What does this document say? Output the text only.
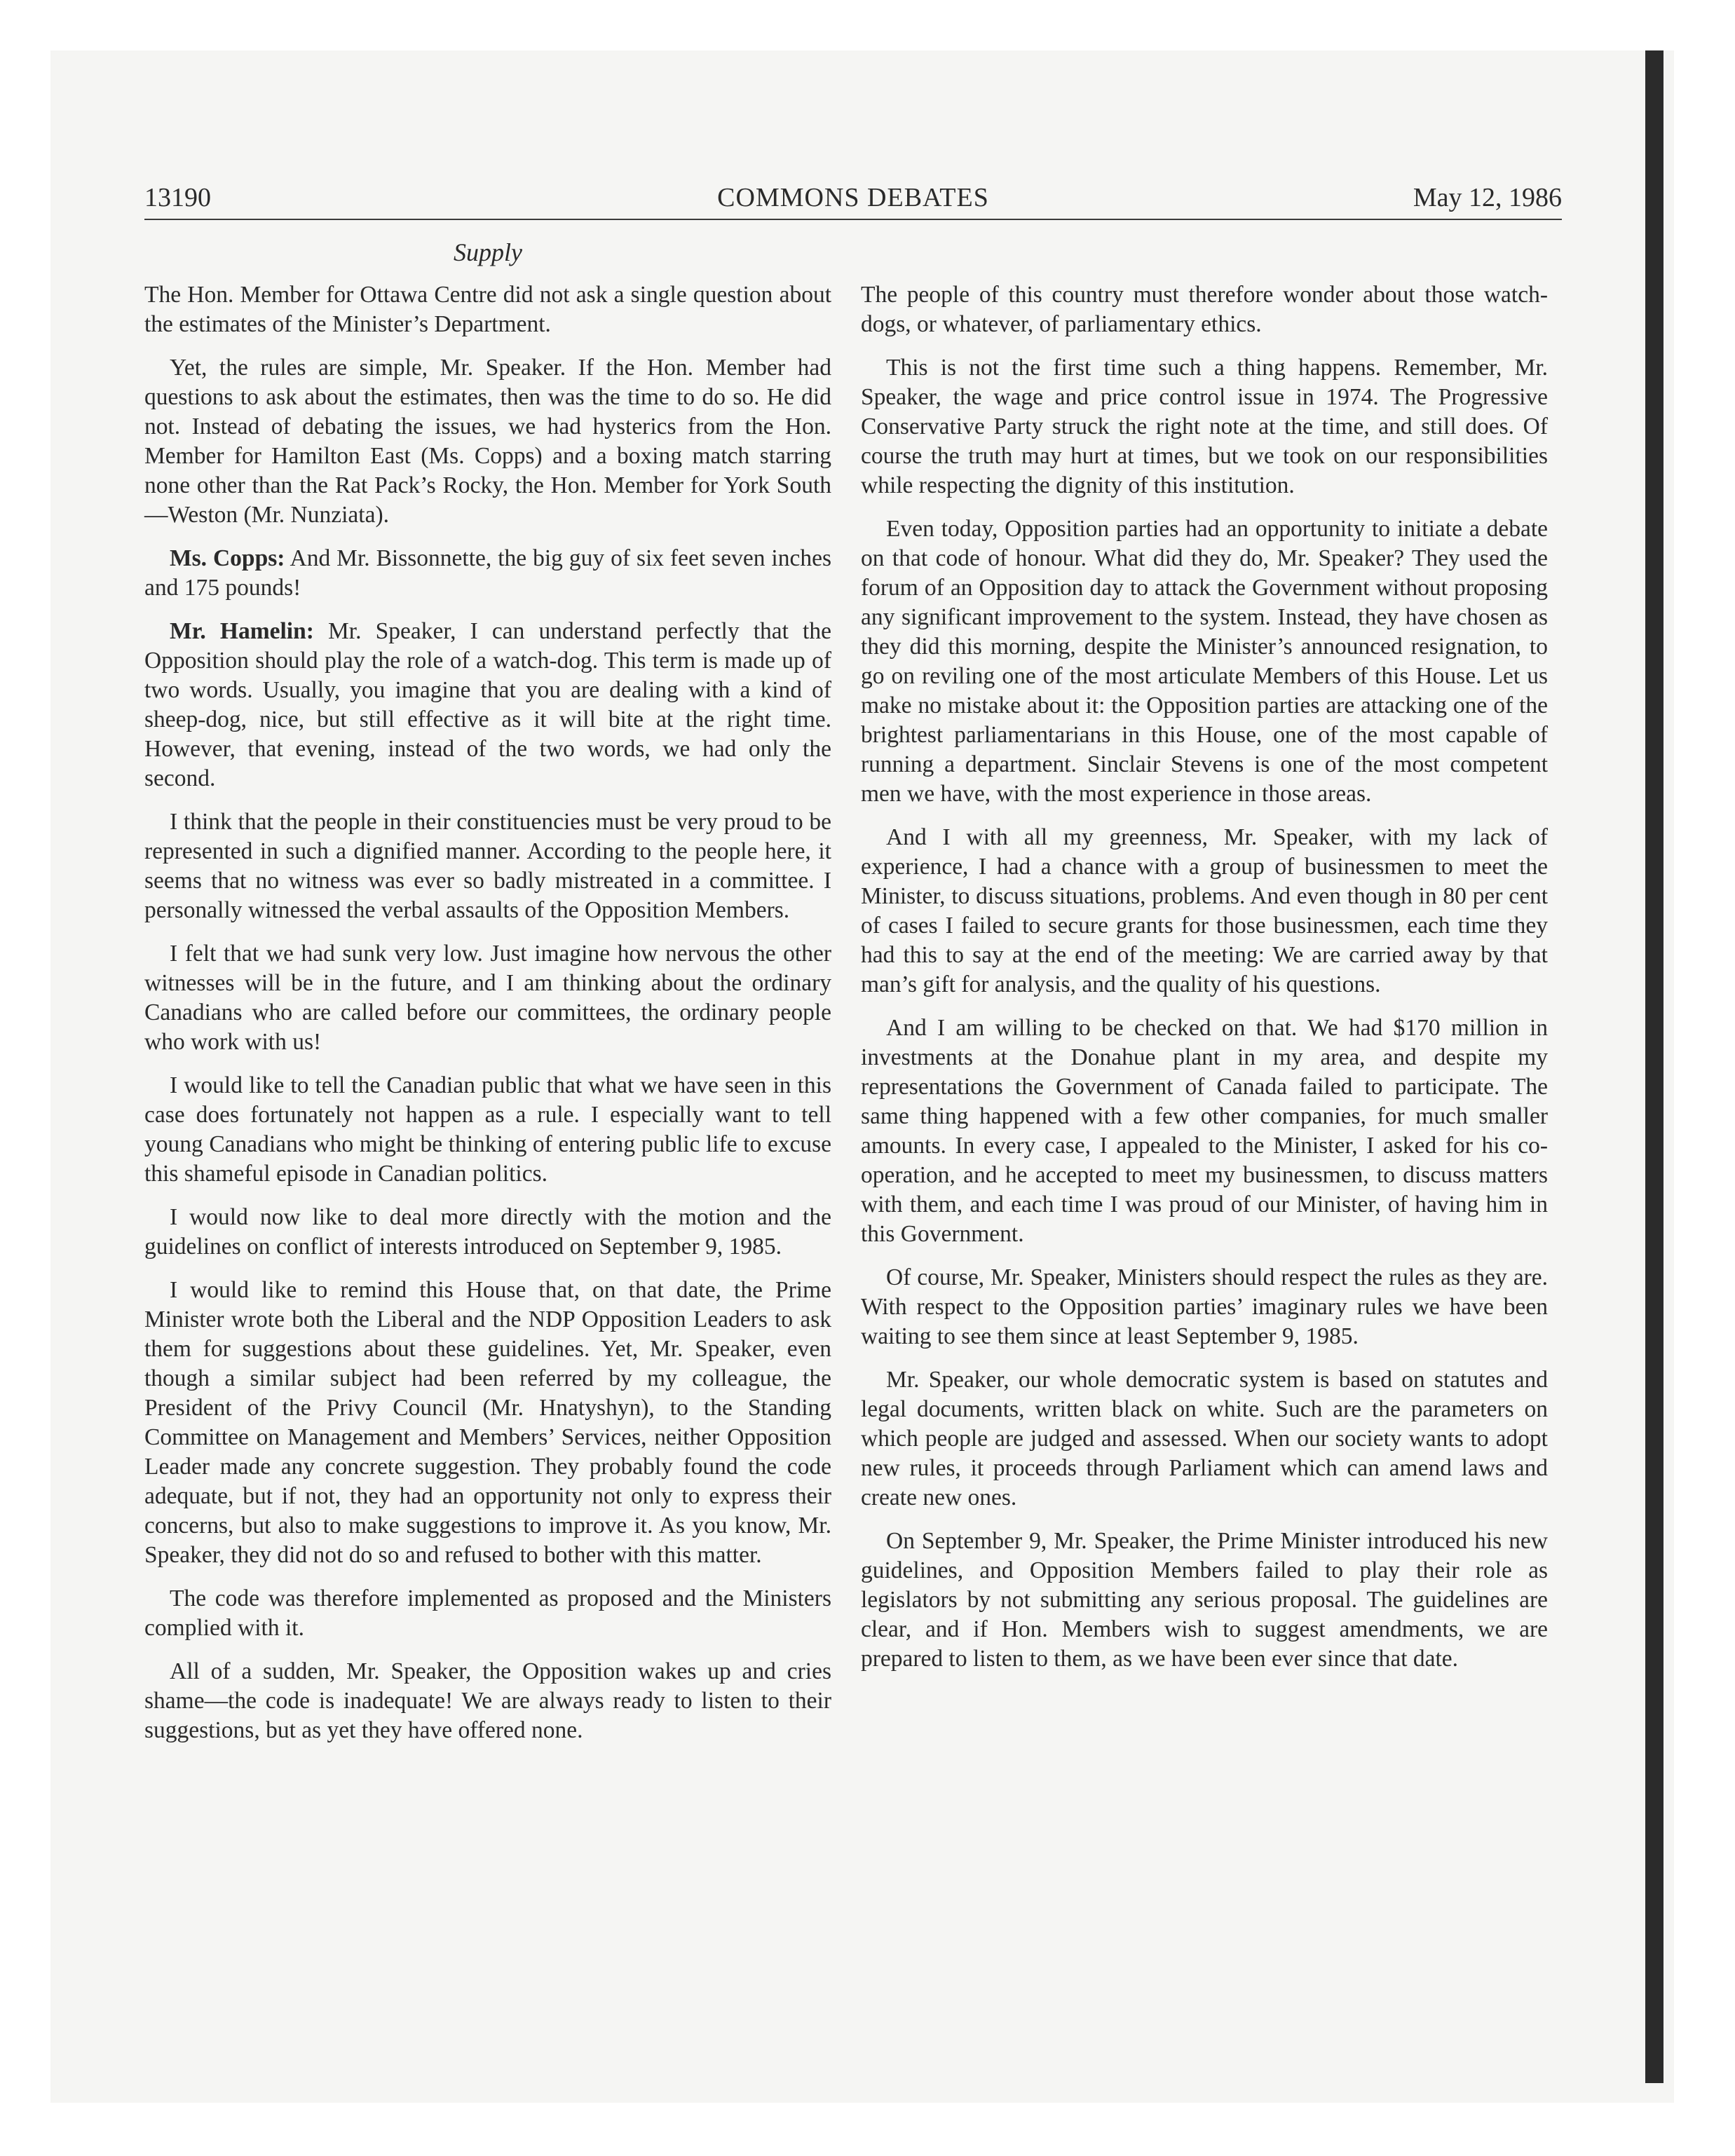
13190	COMMONS DEBATES	May 12, 1986
Supply

The Hon. Member for Ottawa Centre did not ask a single question about the estimates of the Minister’s Department.

Yet, the rules are simple, Mr. Speaker. If the Hon. Member had questions to ask about the estimates, then was the time to do so. He did not. Instead of debating the issues, we had hysterics from the Hon. Member for Hamilton East (Ms. Copps) and a boxing match starring none other than the Rat Pack’s Rocky, the Hon. Member for York South—Weston (Mr. Nunziata).

Ms. Copps: And Mr. Bissonnette, the big guy of six feet seven inches and 175 pounds!

Mr. Hamelin: Mr. Speaker, I can understand perfectly that the Opposition should play the role of a watch-dog. This term is made up of two words. Usually, you imagine that you are dealing with a kind of sheep-dog, nice, but still effective as it will bite at the right time. However, that evening, instead of the two words, we had only the second.

I think that the people in their constituencies must be very proud to be represented in such a dignified manner. According to the people here, it seems that no witness was ever so badly mistreated in a committee. I personally witnessed the verbal assaults of the Opposition Members.

I felt that we had sunk very low. Just imagine how nervous the other witnesses will be in the future, and I am thinking about the ordinary Canadians who are called before our committees, the ordinary people who work with us!

I would like to tell the Canadian public that what we have seen in this case does fortunately not happen as a rule. I especially want to tell young Canadians who might be thinking of entering public life to excuse this shameful episode in Canadian politics.

I would now like to deal more directly with the motion and the guidelines on conflict of interests introduced on September 9, 1985.

I would like to remind this House that, on that date, the Prime Minister wrote both the Liberal and the NDP Opposition Leaders to ask them for suggestions about these guidelines. Yet, Mr. Speaker, even though a similar subject had been referred by my colleague, the President of the Privy Council (Mr. Hnatyshyn), to the Standing Committee on Management and Members’ Services, neither Opposition Leader made any concrete suggestion. They probably found the code adequate, but if not, they had an opportunity not only to express their concerns, but also to make suggestions to improve it. As you know, Mr. Speaker, they did not do so and refused to bother with this matter.

The code was therefore implemented as proposed and the Ministers complied with it.

All of a sudden, Mr. Speaker, the Opposition wakes up and cries shame—the code is inadequate! We are always ready to listen to their suggestions, but as yet they have offered none.

The people of this country must therefore wonder about those watch-dogs, or whatever, of parliamentary ethics.

This is not the first time such a thing happens. Remember, Mr. Speaker, the wage and price control issue in 1974. The Progressive Conservative Party struck the right note at the time, and still does. Of course the truth may hurt at times, but we took on our responsibilities while respecting the dignity of this institution.

Even today, Opposition parties had an opportunity to initiate a debate on that code of honour. What did they do, Mr. Speaker? They used the forum of an Opposition day to attack the Government without proposing any significant improvement to the system. Instead, they have chosen as they did this morning, despite the Minister’s announced resignation, to go on reviling one of the most articulate Members of this House. Let us make no mistake about it: the Opposition parties are attacking one of the brightest parliamentarians in this House, one of the most capable of running a department. Sinclair Stevens is one of the most competent men we have, with the most experience in those areas.

And I with all my greenness, Mr. Speaker, with my lack of experience, I had a chance with a group of businessmen to meet the Minister, to discuss situations, problems. And even though in 80 per cent of cases I failed to secure grants for those businessmen, each time they had this to say at the end of the meeting: We are carried away by that man’s gift for analysis, and the quality of his questions.

And I am willing to be checked on that. We had $170 million in investments at the Donahue plant in my area, and despite my representations the Government of Canada failed to participate. The same thing happened with a few other companies, for much smaller amounts. In every case, I appealed to the Minister, I asked for his co-operation, and he accepted to meet my businessmen, to discuss matters with them, and each time I was proud of our Minister, of having him in this Government.

Of course, Mr. Speaker, Ministers should respect the rules as they are. With respect to the Opposition parties’ imaginary rules we have been waiting to see them since at least September 9, 1985.

Mr. Speaker, our whole democratic system is based on statutes and legal documents, written black on white. Such are the parameters on which people are judged and assessed. When our society wants to adopt new rules, it proceeds through Parliament which can amend laws and create new ones.

On September 9, Mr. Speaker, the Prime Minister introduced his new guidelines, and Opposition Members failed to play their role as legislators by not submitting any serious proposal. The guidelines are clear, and if Hon. Members wish to suggest amendments, we are prepared to listen to them, as we have been ever since that date.
